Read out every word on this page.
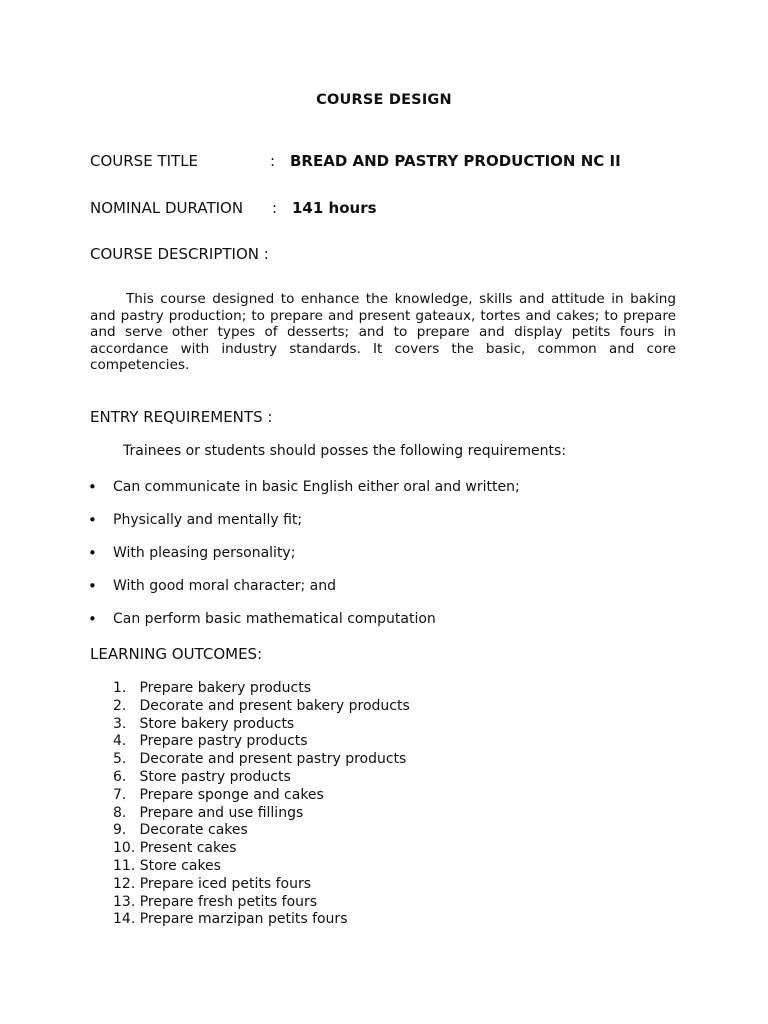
COURSE DESIGN
COURSE TITLE	: BREAD AND PASTRY PRODUCTION NC II
NOMINAL DURATION : 141 hours
COURSE DESCRIPTION :

This course designed to enhance the knowledge, skills and attitude in baking and pastry production; to prepare and present gateaux, tortes and cakes; to prepare and serve other types of desserts; and to prepare and display petits fours in accordance with industry standards. It covers the basic, common and core competencies.

ENTRY REQUIREMENTS :
Trainees or students should posses the following requirements:
• Can communicate in basic English either oral and written;
• Physically and mentally fit;
• With pleasing personality;
• With good moral character; and
• Can perform basic mathematical computation
LEARNING OUTCOMES:
1. Prepare bakery products
2. Decorate and present bakery products
3. Store bakery products
4. Prepare pastry products
5. Decorate and present pastry products
6. Store pastry products
7. Prepare sponge and cakes
8. Prepare and use fillings
9. Decorate cakes
10. Present cakes
11. Store cakes
12. Prepare iced petits fours
13. Prepare fresh petits fours
14. Prepare marzipan petits fours
